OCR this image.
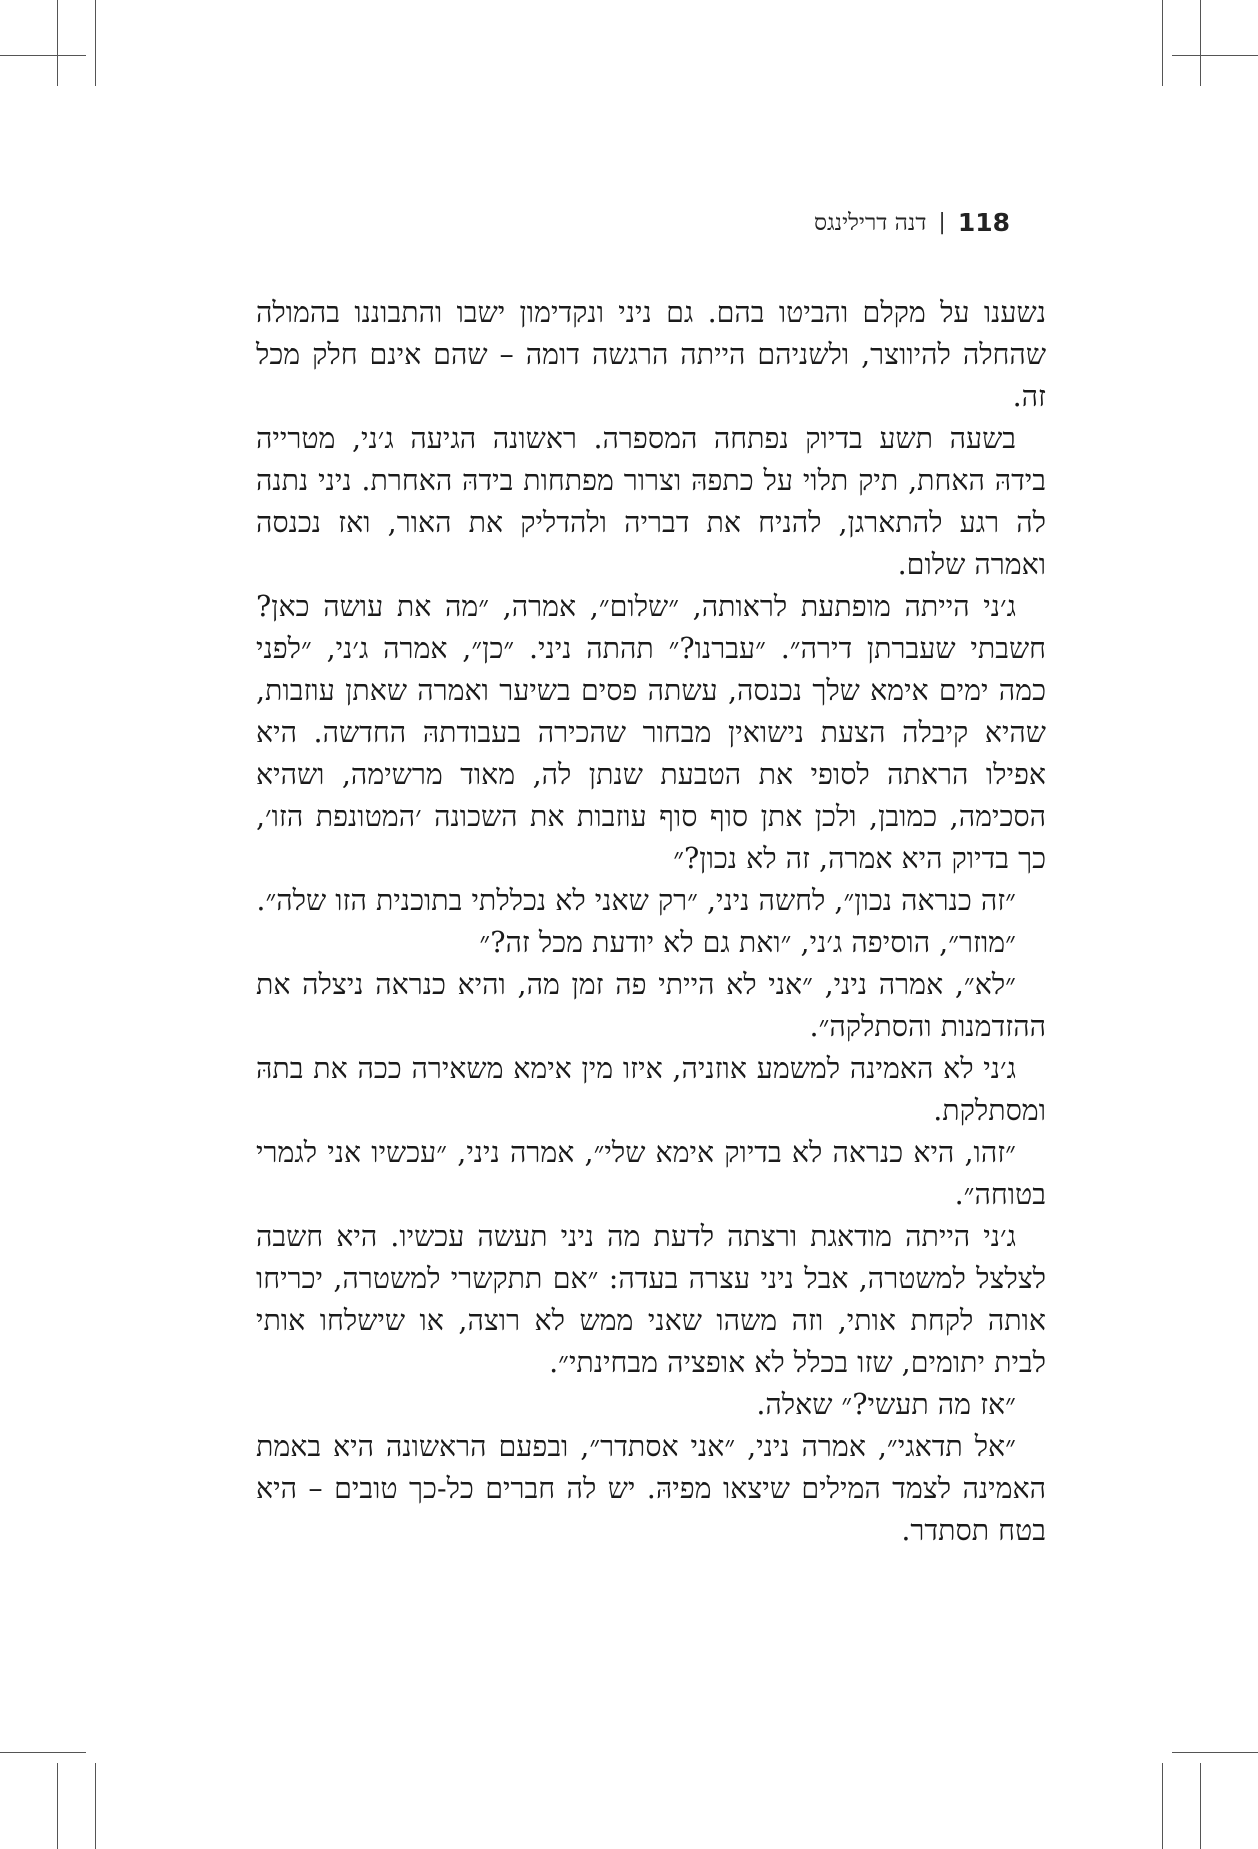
118
|
דנה דרילינגס

נשענו על מקלם והביטו בהם. גם ניני ונקדימון ישבו והתבוננו בהמולה שהחלה להיווצר, ולשניהם הייתה הרגשה דומה – שהם אינם חלק מכל זה.

בשעה תשע בדיוק נפתחה המספרה. ראשונה הגיעה ג׳ני, מטרייה בידהּ האחת, תיק תלוי על כתפהּ וצרור מפתחות בידהּ האחרת. ניני נתנה לה רגע להתארגן, להניח את דבריה ולהדליק את האור, ואז נכנסה ואמרה שלום.

ג׳ני הייתה מופתעת לראותה, ״שלום״, אמרה, ״מה את עושה כאן? חשבתי שעברתן דירה״. ״עברנו?״ תהתה ניני. ״כן״, אמרה ג׳ני, ״לפני כמה ימים אימא שלך נכנסה, עשתה פסים בשיער ואמרה שאתן עוזבות, שהיא קיבלה הצעת נישואין מבחור שהכירה בעבודתהּ החדשה. היא אפילו הראתה לסופי את הטבעת שנתן לה, מאוד מרשימה, ושהיא הסכימה, כמובן, ולכן אתן סוף סוף עוזבות את השכונה ׳המטונפת הזו׳, כך בדיוק היא אמרה, זה לא נכון?״

״זה כנראה נכון״, לחשה ניני, ״רק שאני לא נכללתי בתוכנית הזו שלה״.

״מוזר״, הוסיפה ג׳ני, ״ואת גם לא יודעת מכל זה?״

״לא״, אמרה ניני, ״אני לא הייתי פה זמן מה, והיא כנראה ניצלה את ההזדמנות והסתלקה״.

ג׳ני לא האמינה למשמע אוזניה, איזו מין אימא משאירה ככה את בתהּ ומסתלקת.

״זהו, היא כנראה לא בדיוק אימא שלי״, אמרה ניני, ״עכשיו אני לגמרי בטוחה״.

ג׳ני הייתה מודאגת ורצתה לדעת מה ניני תעשה עכשיו. היא חשבה לצלצל למשטרה, אבל ניני עצרה בעדה: ״אם תתקשרי למשטרה, יכריחו אותה לקחת אותי, וזה משהו שאני ממש לא רוצה, או שישלחו אותי לבית יתומים, שזו בכלל לא אופציה מבחינתי״.

״אז מה תעשי?״ שאלה.

״אל תדאגי״, אמרה ניני, ״אני אסתדר״, ובפעם הראשונה היא באמת האמינה לצמד המילים שיצאו מפיהּ. יש לה חברים כל-כך טובים – היא בטח תסתדר.
